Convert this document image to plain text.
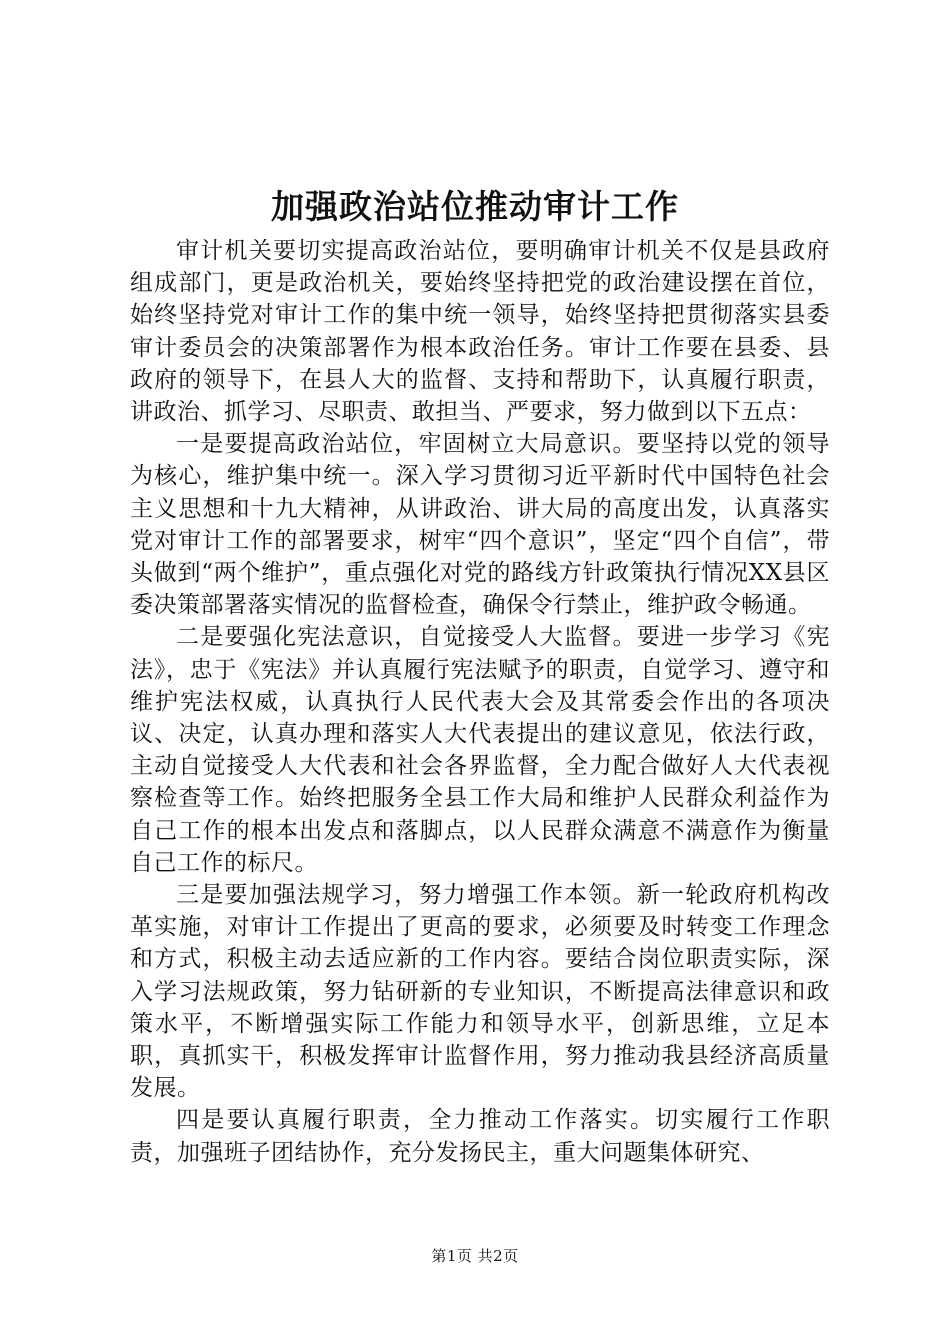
加强政治站位推动审计工作

审计机关要切实提高政治站位，要明确审计机关不仅是县政府组成部门，更是政治机关，要始终坚持把党的政治建设摆在首位，始终坚持党对审计工作的集中统一领导，始终坚持把贯彻落实县委审计委员会的决策部署作为根本政治任务。审计工作要在县委、县政府的领导下，在县人大的监督、支持和帮助下，认真履行职责，讲政治、抓学习、尽职责、敢担当、严要求，努力做到以下五点：

一是要提高政治站位，牢固树立大局意识。要坚持以党的领导为核心，维护集中统一。深入学习贯彻习近平新时代中国特色社会主义思想和十九大精神，从讲政治、讲大局的高度出发，认真落实党对审计工作的部署要求，树牢“四个意识”，坚定“四个自信”，带头做到“两个维护”，重点强化对党的路线方针政策执行情况XX县区委决策部署落实情况的监督检查，确保令行禁止，维护政令畅通。

二是要强化宪法意识，自觉接受人大监督。要进一步学习《宪法》，忠于《宪法》并认真履行宪法赋予的职责，自觉学习、遵守和维护宪法权威，认真执行人民代表大会及其常委会作出的各项决议、决定，认真办理和落实人大代表提出的建议意见，依法行政，主动自觉接受人大代表和社会各界监督，全力配合做好人大代表视察检查等工作。始终把服务全县工作大局和维护人民群众利益作为自己工作的根本出发点和落脚点，以人民群众满意不满意作为衡量自己工作的标尺。

三是要加强法规学习，努力增强工作本领。新一轮政府机构改革实施，对审计工作提出了更高的要求，必须要及时转变工作理念和方式，积极主动去适应新的工作内容。要结合岗位职责实际，深入学习法规政策，努力钻研新的专业知识，不断提高法律意识和政策水平，不断增强实际工作能力和领导水平，创新思维，立足本职，真抓实干，积极发挥审计监督作用，努力推动我县经济高质量发展。

四是要认真履行职责，全力推动工作落实。切实履行工作职责，加强班子团结协作，充分发扬民主，重大问题集体研究、

第1页 共2页
